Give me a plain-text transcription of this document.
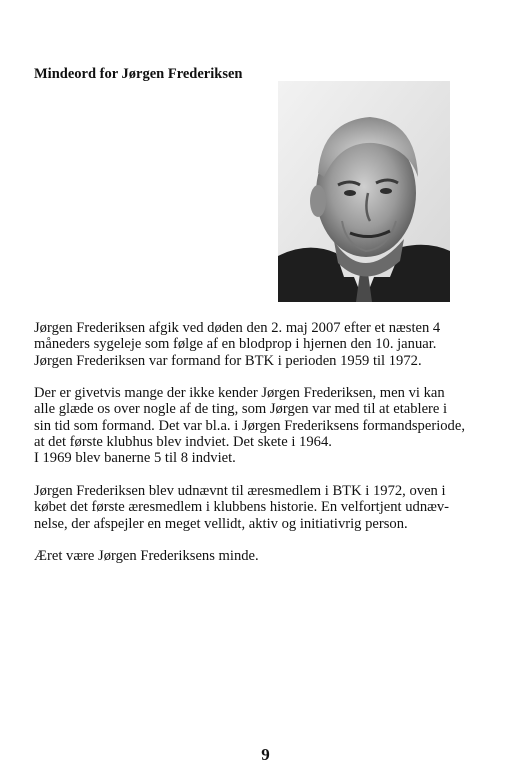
Mindeord for Jørgen Frederiksen

Jørgen Frederiksen afgik ved døden den 2. maj 2007 efter et næsten 4
måneders sygeleje som følge af en blodprop i hjernen den 10. januar.
Jørgen Frederiksen var formand for BTK i perioden 1959 til 1972.

Der er givetvis mange der ikke kender Jørgen Frederiksen, men vi kan
alle glæde os over nogle af de ting, som Jørgen var med til at etablere i
sin tid som formand. Det var bl.a. i Jørgen Frederiksens formandsperiode,
at det første klubhus blev indviet. Det skete i 1964.
I 1969 blev banerne 5 til 8 indviet.

Jørgen Frederiksen blev udnævnt til æresmedlem i BTK i 1972, oven i
købet det første æresmedlem i klubbens historie. En velfortjent udnæv-
nelse, der afspejler en meget vellidt, aktiv og initiativrig person.

Æret være Jørgen Frederiksens minde.

9
